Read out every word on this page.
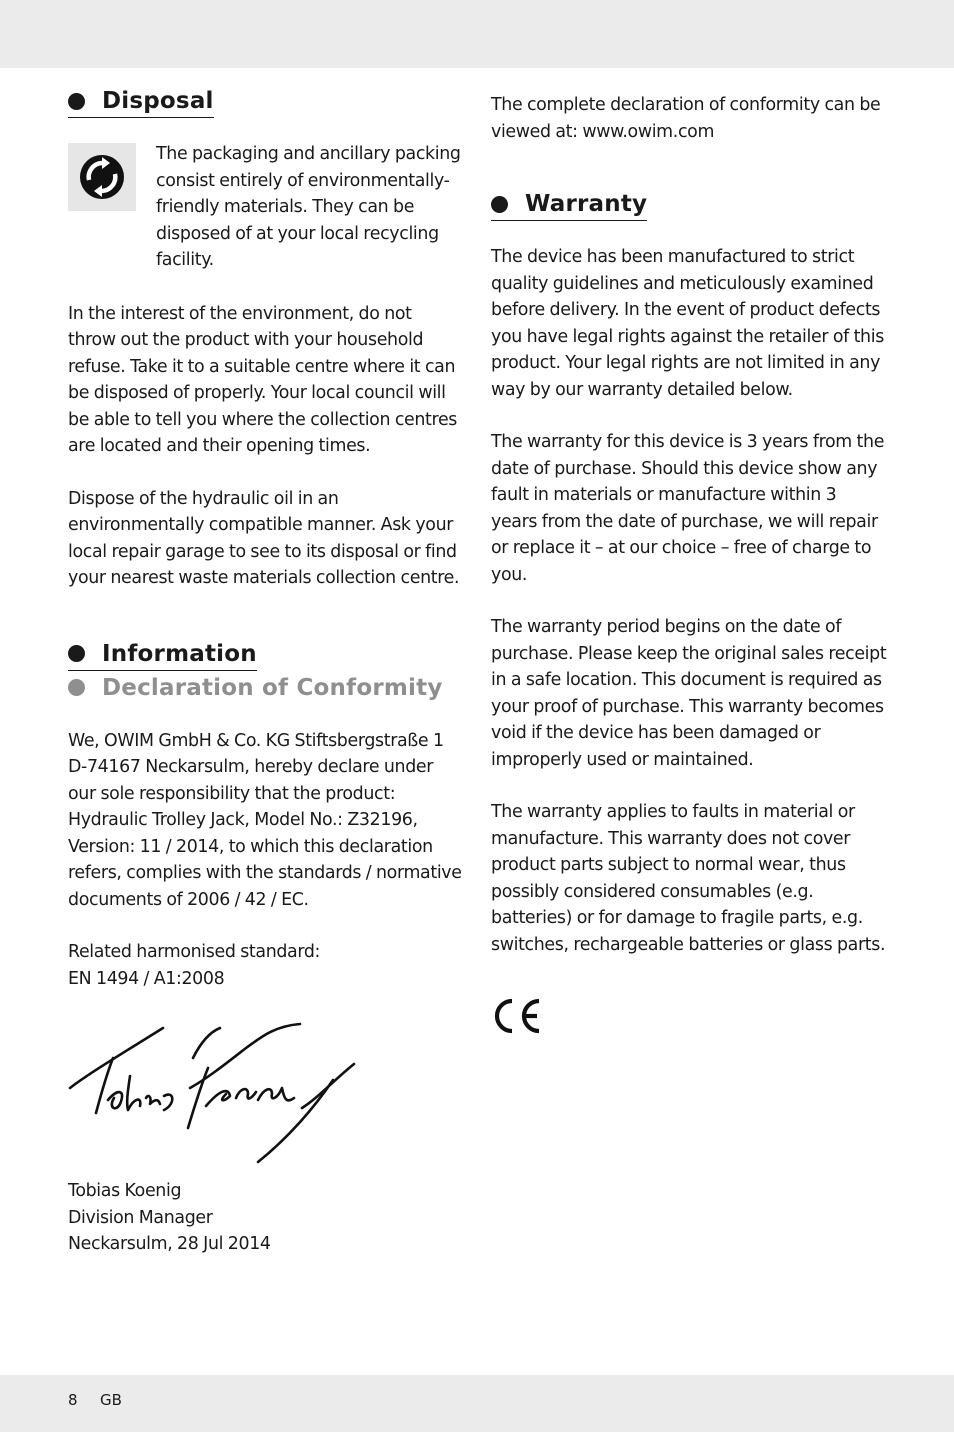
Disposal

The packaging and ancillary packing consist entirely of environmentally-friendly materials. They can be disposed of at your local recycling facility.

In the interest of the environment, do not throw out the product with your household refuse. Take it to a suitable centre where it can be disposed of properly. Your local council will be able to tell you where the collection centres are located and their opening times.

Dispose of the hydraulic oil in an environmentally compatible manner. Ask your local repair garage to see to its disposal or find your nearest waste materials collection centre.

Information

Declaration of Conformity

We, OWIM GmbH & Co. KG Stiftsbergstraße 1 D-74167 Neckarsulm, hereby declare under our sole responsibility that the product: Hydraulic Trolley Jack, Model No.: Z32196, Version: 11 / 2014, to which this declaration refers, complies with the standards / normative documents of 2006 / 42 / EC.

Related harmonised standard:

EN 1494 / A1:2008

Tobias Koenig

Division Manager

Neckarsulm, 28 Jul 2014

The complete declaration of conformity can be viewed at: www.owim.com

Warranty

The device has been manufactured to strict quality guidelines and meticulously examined before delivery. In the event of product defects you have legal rights against the retailer of this product. Your legal rights are not limited in any way by our warranty detailed below.

The warranty for this device is 3 years from the date of purchase. Should this device show any fault in materials or manufacture within 3 years from the date of purchase, we will repair or replace it – at our choice – free of charge to you.

The warranty period begins on the date of purchase. Please keep the original sales receipt in a safe location. This document is required as your proof of purchase. This warranty becomes void if the device has been damaged or improperly used or maintained.

The warranty applies to faults in material or manufacture. This warranty does not cover product parts subject to normal wear, thus possibly considered consumables (e.g. batteries) or for damage to fragile parts, e.g. switches, rechargeable batteries or glass parts.

8 GB
